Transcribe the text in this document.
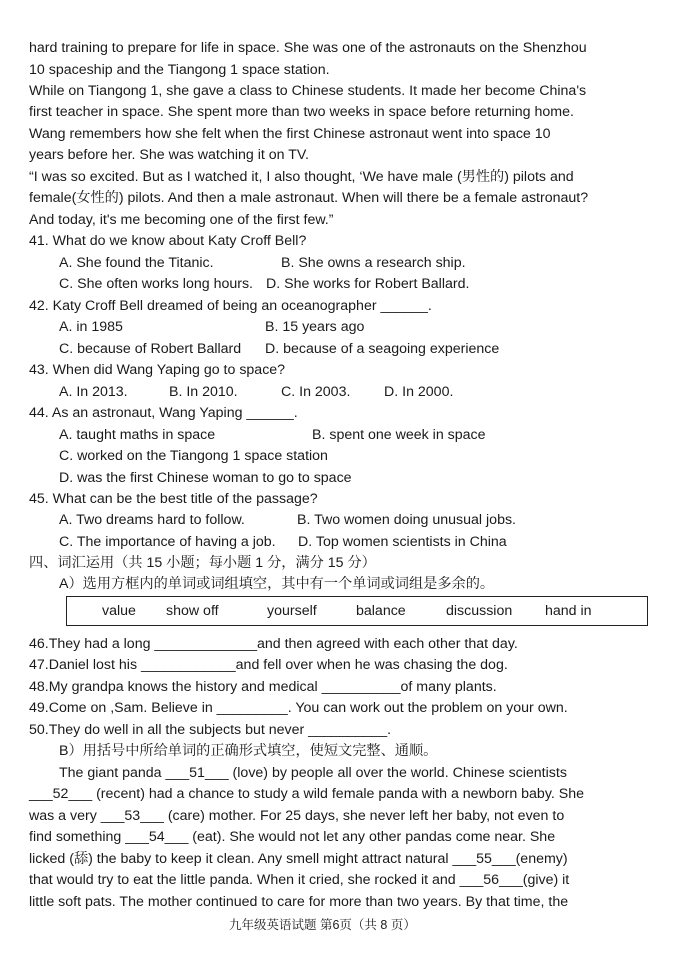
hard training to prepare for life in space. She was one of the astronauts on the Shenzhou
10 spaceship and the Tiangong 1 space station.
While on Tiangong 1, she gave a class to Chinese students. It made her become China's
first teacher in space. She spent more than two weeks in space before returning home.
Wang remembers how she felt when the first Chinese astronaut went into space 10
years before her. She was watching it on TV.
“I was so excited. But as I watched it, I also thought, ‘We have male (男性的) pilots and
female(女性的) pilots. And then a male astronaut. When will there be a female astronaut?
And today, it's me becoming one of the first few.”
41. What do we know about Katy Croff Bell?
A. She found the Titanic.	B. She owns a research ship.
C. She often works long hours. D. She works for Robert Ballard.
42. Katy Croff Bell dreamed of being an oceanographer ______.
A. in 1985	B. 15 years ago
C. because of Robert Ballard D. because of a seagoing experience
43. When did Wang Yaping go to space?
A. In 2013.	B. In 2010.	C. In 2003. D. In 2000.
44. As an astronaut, Wang Yaping ______.
A. taught maths in space	B. spent one week in space
C. worked on the Tiangong 1 space station
D. was the first Chinese woman to go to space
45. What can be the best title of the passage?
A. Two dreams hard to follow.	B. Two women doing unusual jobs.
C. The importance of having a job. D. Top women scientists in China
四、词汇运用（共 15 小题；每小题 1 分，满分 15 分）
A）选用方框内的单词或词组填空，其中有一个单词或词组是多余的。
value show off	yourself	balance	discussion hand in
46.They had a long _____________and then agreed with each other that day.
47.Daniel lost his ____________and fell over when he was chasing the dog.
48.My grandpa knows the history and medical __________of many plants.
49.Come on ,Sam. Believe in _________. You can work out the problem on your own.
50.They do well in all the subjects but never __________.
B）用括号中所给单词的正确形式填空，使短文完整、通顺。
The giant panda ___51___ (love) by people all over the world. Chinese scientists
___52___ (recent) had a chance to study a wild female panda with a newborn baby. She
was a very ___53___ (care) mother. For 25 days, she never left her baby, not even to
find something ___54___ (eat). She would not let any other pandas come near. She
licked (舔) the baby to keep it clean. Any smell might attract natural ___55___(enemy)
that would try to eat the little panda. When it cried, she rocked it and ___56___(give) it
little soft pats. The mother continued to care for more than two years. By that time, the
九年级英语试题 第6页（共 8 页）
